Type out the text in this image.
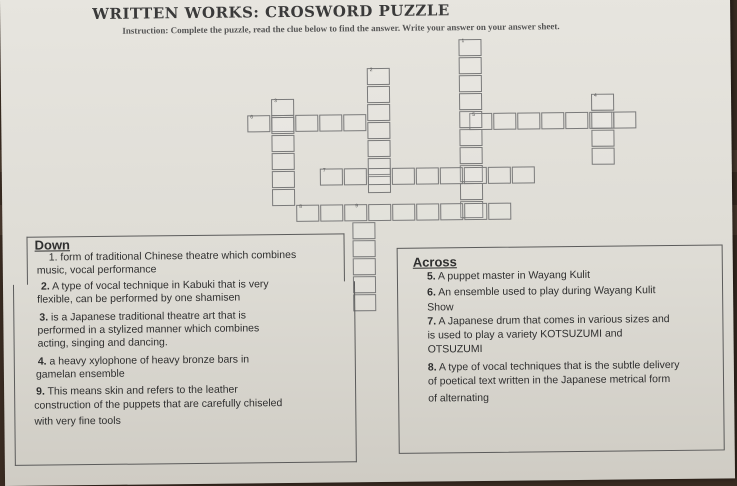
WRITTEN WORKS: CROSWORD PUZZLE
Instruction: Complete the puzzle, read the clue below to find the answer. Write your answer on your answer sheet.
1
2
3
4
5
6
7
8	9
Down
1. form of traditional Chinese theatre which combines
music, vocal performance
2. A type of vocal technique in Kabuki that is very
flexible, can be performed by one shamisen
3. is a Japanese traditional theatre art that is
performed in a stylized manner which combines
acting, singing and dancing.
4. a heavy xylophone of heavy bronze bars in
gamelan ensemble
9. This means skin and refers to the leather
construction of the puppets that are carefully chiseled
with very fine tools
Across
5. A puppet master in Wayang Kulit
6. An ensemble used to play during Wayang Kulit
Show
7. A Japanese drum that comes in various sizes and
is used to play a variety KOTSUZUMI and
OTSUZUMI
8. A type of vocal techniques that is the subtle delivery
of poetical text written in the Japanese metrical form
of alternating
